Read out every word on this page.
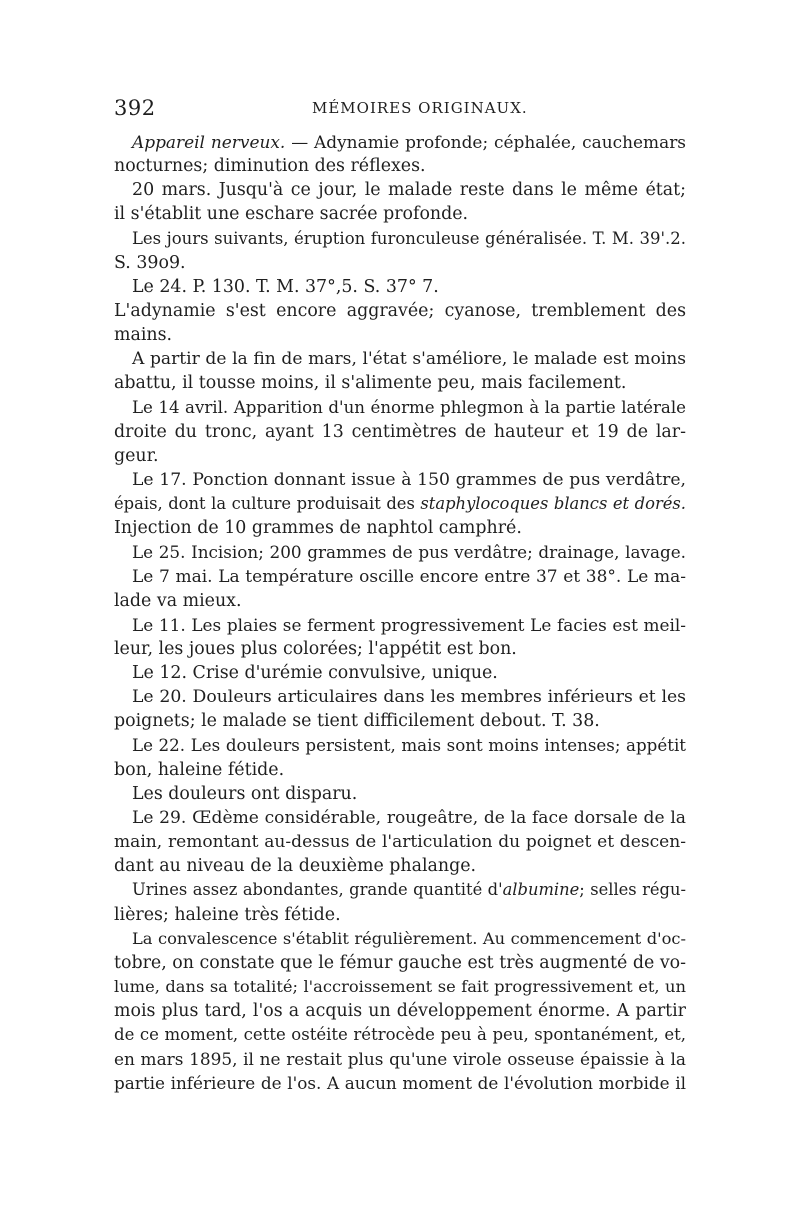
392	MÉMOIRES ORIGINAUX.
Appareil nerveux. — Adynamie profonde; céphalée, cauchemars
nocturnes; diminution des réflexes.
20 mars. Jusqu'à ce jour, le malade reste dans le même état;
il s'établit une eschare sacrée profonde.
Les jours suivants, éruption furonculeuse généralisée. T. M. 39'.2.
S. 39o9.
Le 24. P. 130. T. M. 37°,5. S. 37° 7.
L'adynamie s'est encore aggravée; cyanose, tremblement des
mains.
A partir de la fin de mars, l'état s'améliore, le malade est moins
abattu, il tousse moins, il s'alimente peu, mais facilement.
Le 14 avril. Apparition d'un énorme phlegmon à la partie latérale
droite du tronc, ayant 13 centimètres de hauteur et 19 de lar-
geur.
Le 17. Ponction donnant issue à 150 grammes de pus verdâtre,
épais, dont la culture produisait des staphylocoques blancs et dorés.
Injection de 10 grammes de naphtol camphré.
Le 25. Incision; 200 grammes de pus verdâtre; drainage, lavage.
Le 7 mai. La température oscille encore entre 37 et 38°. Le ma-
lade va mieux.
Le 11. Les plaies se ferment progressivement Le facies est meil-
leur, les joues plus colorées; l'appétit est bon.
Le 12. Crise d'urémie convulsive, unique.
Le 20. Douleurs articulaires dans les membres inférieurs et les
poignets; le malade se tient difficilement debout. T. 38.
Le 22. Les douleurs persistent, mais sont moins intenses; appétit
bon, haleine fétide.
Les douleurs ont disparu.
Le 29. Œdème considérable, rougeâtre, de la face dorsale de la
main, remontant au-dessus de l'articulation du poignet et descen-
dant au niveau de la deuxième phalange.
Urines assez abondantes, grande quantité d'albumine; selles régu-
lières; haleine très fétide.
La convalescence s'établit régulièrement. Au commencement d'oc-
tobre, on constate que le fémur gauche est très augmenté de vo-
lume, dans sa totalité; l'accroissement se fait progressivement et, un
mois plus tard, l'os a acquis un développement énorme. A partir
de ce moment, cette ostéite rétrocède peu à peu, spontanément, et,
en mars 1895, il ne restait plus qu'une virole osseuse épaissie à la
partie inférieure de l'os. A aucun moment de l'évolution morbide il
